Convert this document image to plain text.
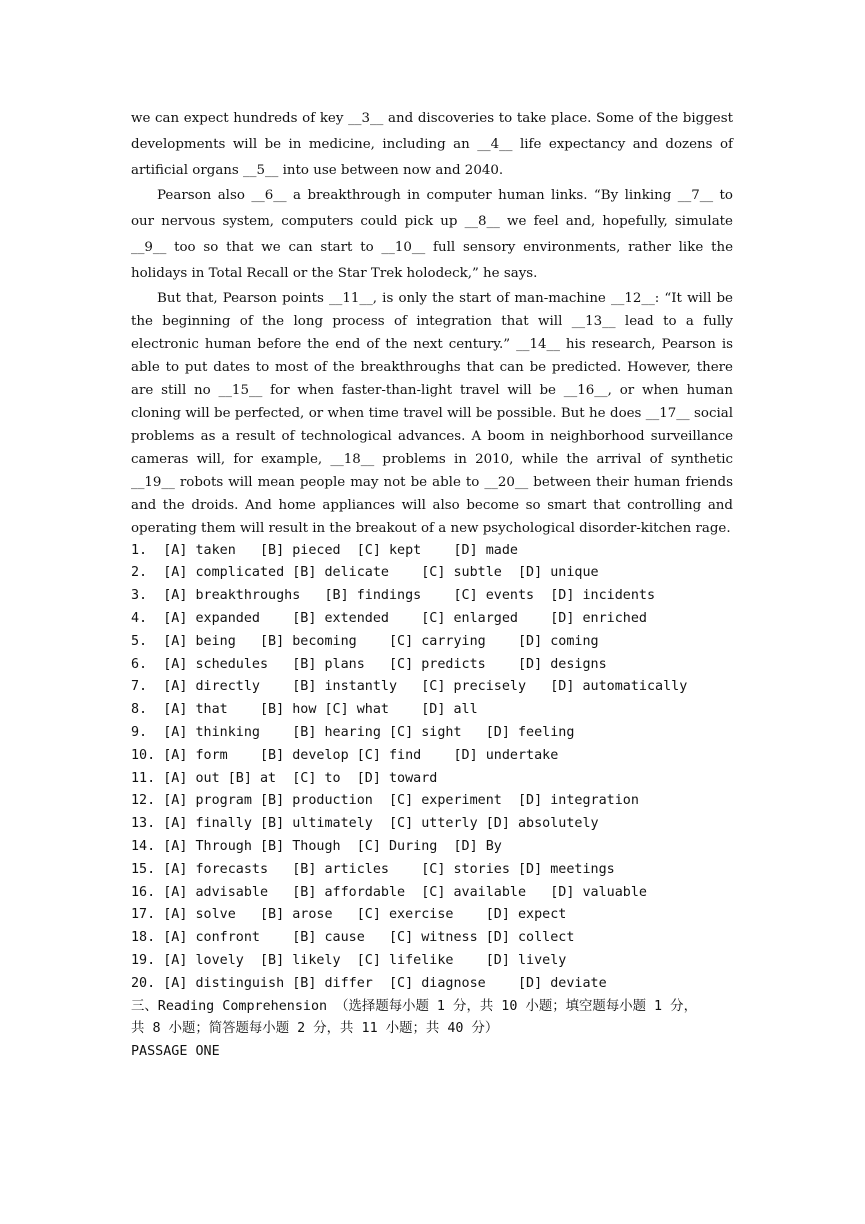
we can expect hundreds of key __3__ and discoveries to take place. Some of the biggest developments will be in medicine, including an __4__ life expectancy and dozens of artificial organs __5__ into use between now and 2040.

Pearson also __6__ a breakthrough in computer human links. “By linking __7__ to our nervous system, computers could pick up __8__ we feel and, hopefully, simulate __9__ too so that we can start to __10__ full sensory environments, rather like the holidays in Total Recall or the Star Trek holodeck,” he says.

But that, Pearson points __11__, is only the start of man-machine __12__: “It will be the beginning of the long process of integration that will __13__ lead to a fully electronic human before the end of the next century.” __14__ his research, Pearson is able to put dates to most of the breakthroughs that can be predicted. However, there are still no __15__ for when faster-than-light travel will be __16__, or when human cloning will be perfected, or when time travel will be possible. But he does __17__ social problems as a result of technological advances. A boom in neighborhood surveillance cameras will, for example, __18__ problems in 2010, while the arrival of synthetic __19__ robots will mean people may not be able to __20__ between their human friends and the droids. And home appliances will also become so smart that controlling and operating them will result in the breakout of a new psychological disorder-kitchen rage.

1.  [A] taken   [B] pieced  [C] kept    [D] made
2.  [A] complicated [B] delicate    [C] subtle  [D] unique
3.  [A] breakthroughs   [B] findings    [C] events  [D] incidents
4.  [A] expanded    [B] extended    [C] enlarged    [D] enriched
5.  [A] being   [B] becoming    [C] carrying    [D] coming
6.  [A] schedules   [B] plans   [C] predicts    [D] designs
7.  [A] directly    [B] instantly   [C] precisely   [D] automatically
8.  [A] that    [B] how [C] what    [D] all
9.  [A] thinking    [B] hearing [C] sight   [D] feeling
10. [A] form    [B] develop [C] find    [D] undertake
11. [A] out [B] at  [C] to  [D] toward
12. [A] program [B] production  [C] experiment  [D] integration
13. [A] finally [B] ultimately  [C] utterly [D] absolutely
14. [A] Through [B] Though  [C] During  [D] By
15. [A] forecasts   [B] articles    [C] stories [D] meetings
16. [A] advisable   [B] affordable  [C] available   [D] valuable
17. [A] solve   [B] arose   [C] exercise    [D] expect
18. [A] confront    [B] cause   [C] witness [D] collect
19. [A] lovely  [B] likely  [C] lifelike    [D] lively
20. [A] distinguish [B] differ  [C] diagnose    [D] deviate

三、Reading Comprehension （选择题每小题 1 分，共 10 小题；填空题每小题 1 分，
共 8 小题；简答题每小题 2 分，共 11 小题；共 40 分）

PASSAGE ONE
